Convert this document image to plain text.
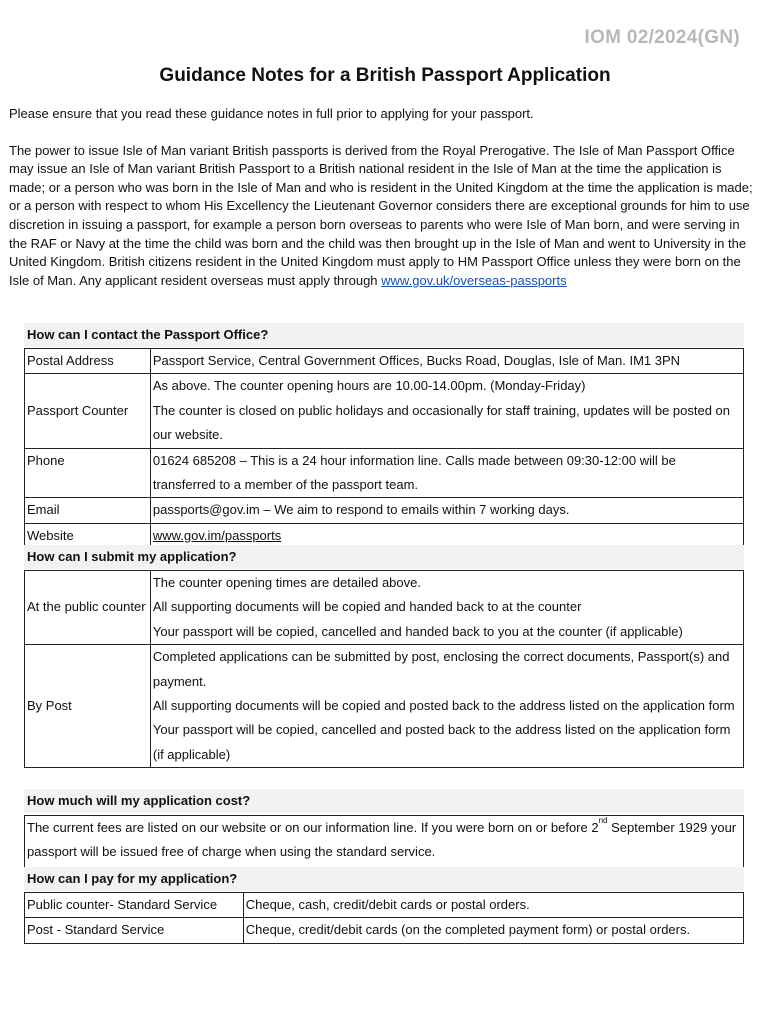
IOM 02/2024(GN)
Guidance Notes for a British Passport Application

Please ensure that you read these guidance notes in full prior to applying for your passport.

The power to issue Isle of Man variant British passports is derived from the Royal Prerogative. The Isle of Man Passport Office may issue an Isle of Man variant British Passport to a British national resident in the Isle of Man at the time the application is made; or a person who was born in the Isle of Man and who is resident in the United Kingdom at the time the application is made; or a person with respect to whom His Excellency the Lieutenant Governor considers there are exceptional grounds for him to use discretion in issuing a passport, for example a person born overseas to parents who were Isle of Man born, and were serving in the RAF or Navy at the time the child was born and the child was then brought up in the Isle of Man and went to University in the United Kingdom. British citizens resident in the United Kingdom must apply to HM Passport Office unless they were born on the Isle of Man. Any applicant resident overseas must apply through www.gov.uk/overseas-passports

How can I contact the Passport Office?
Postal Address	Passport Service, Central Government Offices, Bucks Road, Douglas, Isle of Man. IM1 3PN
Passport Counter	As above. The counter opening hours are 10.00-14.00pm. (Monday-Friday)
The counter is closed on public holidays and occasionally for staff training, updates will be posted on our website.

Phone	01624 685208 – This is a 24 hour information line. Calls made between 09:30-12:00 will be transferred to a member of the passport team.
Email	passports@gov.im – We aim to respond to emails within 7 working days.
Website	www.gov.im/passports
How can I submit my application?
At the public counter	The counter opening times are detailed above.
All supporting documents will be copied and handed back to at the counter
Your passport will be copied, cancelled and handed back to you at the counter (if applicable)

By Post	Completed applications can be submitted by post, enclosing the correct documents, Passport(s) and payment.
All supporting documents will be copied and posted back to the address listed on the application form
Your passport will be copied, cancelled and posted back to the address listed on the application form (if applicable)
How much will my application cost?
The current fees are listed on our website or on our information line. If you were born on or before 2nd September 1929 your passport will be issued free of charge when using the standard service.
How can I pay for my application?
Public counter- Standard Service	Cheque, cash, credit/debit cards or postal orders.
Post - Standard Service	Cheque, credit/debit cards (on the completed payment form) or postal orders.
